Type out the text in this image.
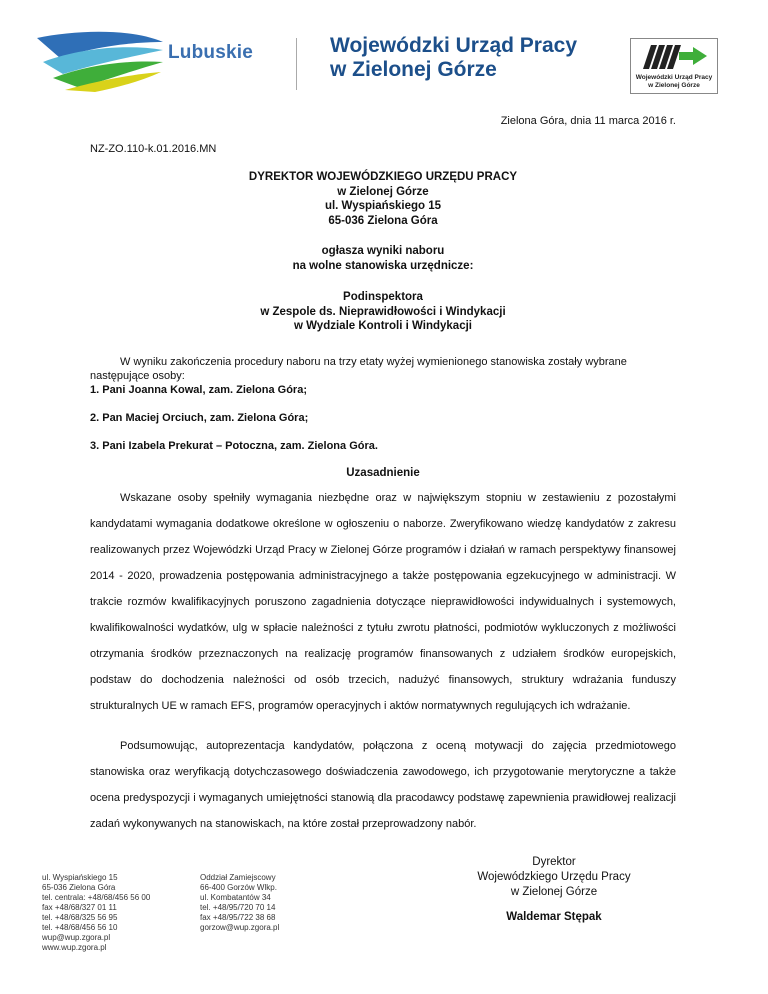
Lubuskie	Wojewódzki Urząd Pracy
w Zielonej Górze	Wojewódzki Urząd Pracy
w Zielonej Górze
Zielona Góra, dnia 11 marca 2016 r.
NZ-ZO.110-k.01.2016.MN
DYREKTOR WOJEWÓDZKIEGO URZĘDU PRACY
w Zielonej Górze
ul. Wyspiańskiego 15
65-036 Zielona Góra
ogłasza wyniki naboru
na wolne stanowiska urzędnicze:
Podinspektora
w Zespole ds. Nieprawidłowości i Windykacji
w Wydziale Kontroli i Windykacji
W wyniku zakończenia procedury naboru na trzy etaty wyżej wymienionego stanowiska zostały wybrane następujące osoby:
1. Pani Joanna Kowal, zam. Zielona Góra;
2. Pan Maciej Orciuch, zam. Zielona Góra;
3. Pani Izabela Prekurat – Potoczna, zam. Zielona Góra.
Uzasadnienie
Wskazane osoby spełniły wymagania niezbędne oraz w największym stopniu w zestawieniu z pozostałymi kandydatami wymagania dodatkowe określone w ogłoszeniu o naborze. Zweryfikowano wiedzę kandydatów z zakresu realizowanych przez Wojewódzki Urząd Pracy w Zielonej Górze programów i działań w ramach perspektywy finansowej 2014 - 2020, prowadzenia postępowania administracyjnego a także postępowania egzekucyjnego w administracji. W trakcie rozmów kwalifikacyjnych poruszono zagadnienia dotyczące nieprawidłowości indywidualnych i systemowych, kwalifikowalności wydatków, ulg w spłacie należności z tytułu zwrotu płatności, podmiotów wykluczonych z możliwości otrzymania środków przeznaczonych na realizację programów finansowanych z udziałem środków europejskich, podstaw do dochodzenia należności od osób trzecich, nadużyć finansowych, struktury wdrażania funduszy strukturalnych UE w ramach EFS, programów operacyjnych i aktów normatywnych regulujących ich wdrażanie.
Podsumowując, autoprezentacja kandydatów, połączona z oceną motywacji do zajęcia przedmiotowego stanowiska oraz weryfikacją dotychczasowego doświadczenia zawodowego, ich przygotowanie merytoryczne a także ocena predyspozycji i wymaganych umiejętności stanowią dla pracodawcy podstawę zapewnienia prawidłowej realizacji zadań wykonywanych na stanowiskach, na które został przeprowadzony nabór.
ul. Wyspiańskiego 15
65-036 Zielona Góra
tel. centrala: +48/68/456 56 00
fax +48/68/327 01 11
tel. +48/68/325 56 95
tel. +48/68/456 56 10
wup@wup.zgora.pl
www.wup.zgora.pl
Oddział Zamiejscowy
66-400 Gorzów Wlkp.
ul. Kombatantów 34
tel. +48/95/720 70 14
fax +48/95/722 38 68
gorzow@wup.zgora.pl
Dyrektor
Wojewódzkiego Urzędu Pracy
w Zielonej Górze
Waldemar Stępak
